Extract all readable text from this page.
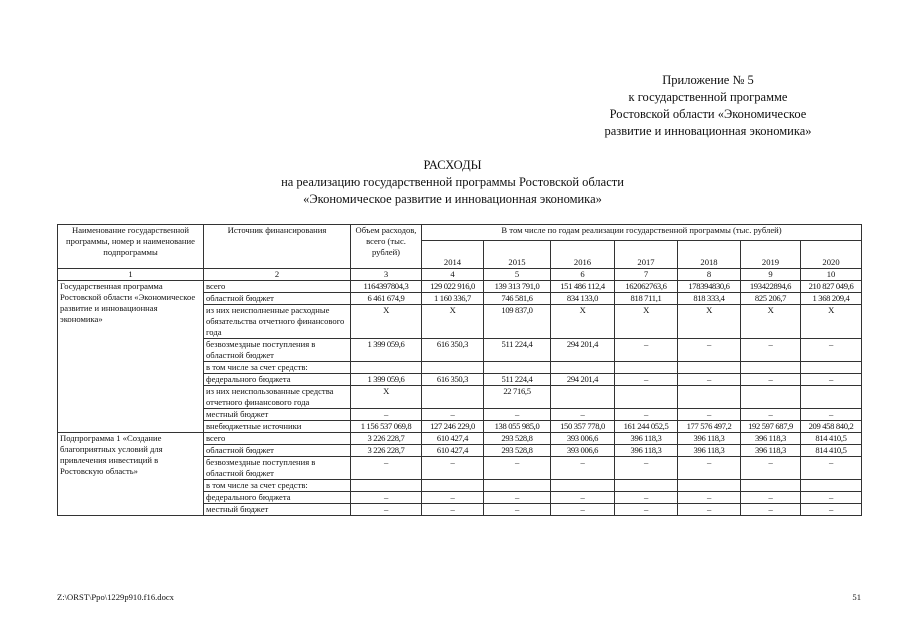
Приложение № 5
к государственной программе
Ростовской области «Экономическое
развитие и инновационная экономика»
РАСХОДЫ
на реализацию государственной программы Ростовской области
«Экономическое развитие и инновационная экономика»
Наименование государственной программы, номер и наименование подпрограммы	Источник финансирования	Объем расходов, всего (тыс. рублей)	В том числе по годам реализации государственной программы (тыс. рублей)						
			2014	2015	2016	2017	2018	2019	2020
1	2	3	4	5	6	7	8	9	10
Государственная программа Ростовской области «Экономическое развитие и инновационная экономика»	всего	1164397804,3	129 022 916,0	139 313 791,0	151 486 112,4	162062763,6	178394830,6	193422894,6	210 827 049,6
	областной бюджет	6 461 674,9	1 160 336,7	746 581,6	834 133,0	818 711,1	818 333,4	825 206,7	1 368 209,4
	из них неисполненные расходные обязательства отчетного финансового года	X	X	109 837,0	X	X	X	X	X
	безвозмездные поступления в областной бюджет	1 399 059,6	616 350,3	511 224,4	294 201,4	–	–	–	–
	в том числе за счет средств:								
	федерального бюджета	1 399 059,6	616 350,3	511 224,4	294 201,4	–	–	–	–
	из них неиспользованные средства отчетного финансового года	X		22 716,5					
	местный бюджет	–	–	–	–	–	–	–	–
	внебюджетные источники	1 156 537 069,8	127 246 229,0	138 055 985,0	150 357 778,0	161 244 052,5	177 576 497,2	192 597 687,9	209 458 840,2
Подпрограмма 1 «Создание благоприятных условий для привлечения инвестиций в Ростовскую область»	всего	3 226 228,7	610 427,4	293 528,8	393 006,6	396 118,3	396 118,3	396 118,3	814 410,5
	областной бюджет	3 226 228,7	610 427,4	293 528,8	393 006,6	396 118,3	396 118,3	396 118,3	814 410,5
	безвозмездные поступления в областной бюджет	–	–	–	–	–	–	–	–
	в том числе за счет средств:								
	федерального бюджета	–	–	–	–	–	–	–	–
	местный бюджет	–	–	–	–	–	–	–	–
Z:\ORST\Ppo\1229p910.f16.docx	51
